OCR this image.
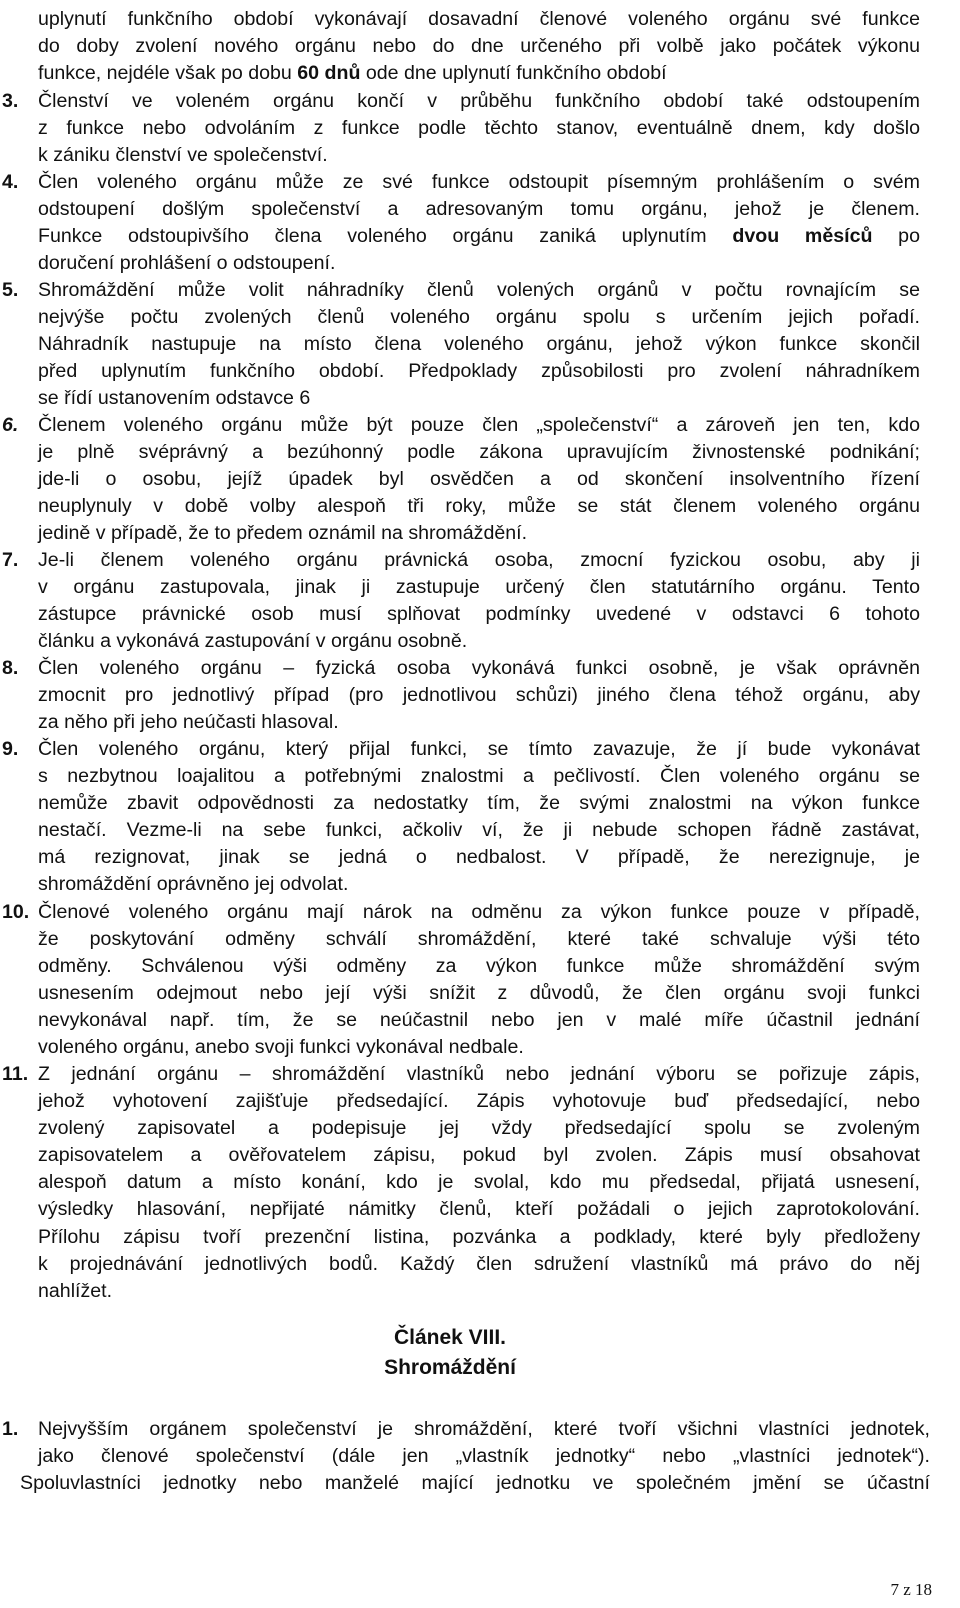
uplynutí funkčního období vykonávají dosavadní členové voleného orgánu své funkce
do doby zvolení nového orgánu nebo do dne určeného při volbě jako počátek výkonu
funkce, nejdéle však po dobu 60 dnů ode dne uplynutí funkčního období
3. Členství ve voleném orgánu končí v průběhu funkčního období také odstoupením
z funkce nebo odvoláním z funkce podle těchto stanov, eventuálně dnem, kdy došlo
k zániku členství ve společenství.
4. Člen voleného orgánu může ze své funkce odstoupit písemným prohlášením o svém
odstoupení došlým společenství a adresovaným tomu orgánu, jehož je členem.
Funkce odstoupivšího člena voleného orgánu zaniká uplynutím dvou měsíců po
doručení prohlášení o odstoupení.
5. Shromáždění může volit náhradníky členů volených orgánů v počtu rovnajícím se
nejvýše počtu zvolených členů voleného orgánu spolu s určením jejich pořadí.
Náhradník nastupuje na místo člena voleného orgánu, jehož výkon funkce skončil
před uplynutím funkčního období. Předpoklady způsobilosti pro zvolení náhradníkem
se řídí ustanovením odstavce 6
6. Členem voleného orgánu může být pouze člen „společenství“ a zároveň jen ten, kdo
je plně svéprávný a bezúhonný podle zákona upravujícím živnostenské podnikání;
jde-li o osobu, jejíž úpadek byl osvědčen a od skončení insolventního řízení
neuplynuly v době volby alespoň tři roky, může se stát členem voleného orgánu
jedině v případě, že to předem oznámil na shromáždění.
7. Je-li členem voleného orgánu právnická osoba, zmocní fyzickou osobu, aby ji
v orgánu zastupovala, jinak ji zastupuje určený člen statutárního orgánu. Tento
zástupce právnické osob musí splňovat podmínky uvedené v odstavci 6 tohoto
článku a vykonává zastupování v orgánu osobně.
8. Člen voleného orgánu – fyzická osoba vykonává funkci osobně, je však oprávněn
zmocnit pro jednotlivý případ (pro jednotlivou schůzi) jiného člena téhož orgánu, aby
za něho při jeho neúčasti hlasoval.
9. Člen voleného orgánu, který přijal funkci, se tímto zavazuje, že jí bude vykonávat
s nezbytnou loajalitou a potřebnými znalostmi a pečlivostí. Člen voleného orgánu se
nemůže zbavit odpovědnosti za nedostatky tím, že svými znalostmi na výkon funkce
nestačí. Vezme-li na sebe funkci, ačkoliv ví, že ji nebude schopen řádně zastávat,
má rezignovat, jinak se jedná o nedbalost. V případě, že nerezignuje, je
shromáždění oprávněno jej odvolat.
10. Členové voleného orgánu mají nárok na odměnu za výkon funkce pouze v případě,
že poskytování odměny schválí shromáždění, které také schvaluje výši této
odměny. Schválenou výši odměny za výkon funkce může shromáždění svým
usnesením odejmout nebo její výši snížit z důvodů, že člen orgánu svoji funkci
nevykonával např. tím, že se neúčastnil nebo jen v malé míře účastnil jednání
voleného orgánu, anebo svoji funkci vykonával nedbale.
11. Z jednání orgánu – shromáždění vlastníků nebo jednání výboru se pořizuje zápis,
jehož vyhotovení zajišťuje předsedající. Zápis vyhotovuje buď předsedající, nebo
zvolený zapisovatel a podepisuje jej vždy předsedající spolu se zvoleným
zapisovatelem a ověřovatelem zápisu, pokud byl zvolen. Zápis musí obsahovat
alespoň datum a místo konání, kdo je svolal, kdo mu předsedal, přijatá usnesení,
výsledky hlasování, nepřijaté námitky členů, kteří požádali o jejich zaprotokolování.
Přílohu zápisu tvoří prezenční listina, pozvánka a podklady, které byly předloženy
k projednávání jednotlivých bodů. Každý člen sdružení vlastníků má právo do něj
nahlížet.
Článek VIII.
Shromáždění
1.	Nejvyšším orgánem společenství je shromáždění, které tvoří všichni vlastníci jednotek,
jako členové společenství (dále jen „vlastník jednotky“ nebo „vlastníci jednotek“).
Spoluvlastníci jednotky nebo manželé mající jednotku ve společném jmění se účastní
7 z 18
